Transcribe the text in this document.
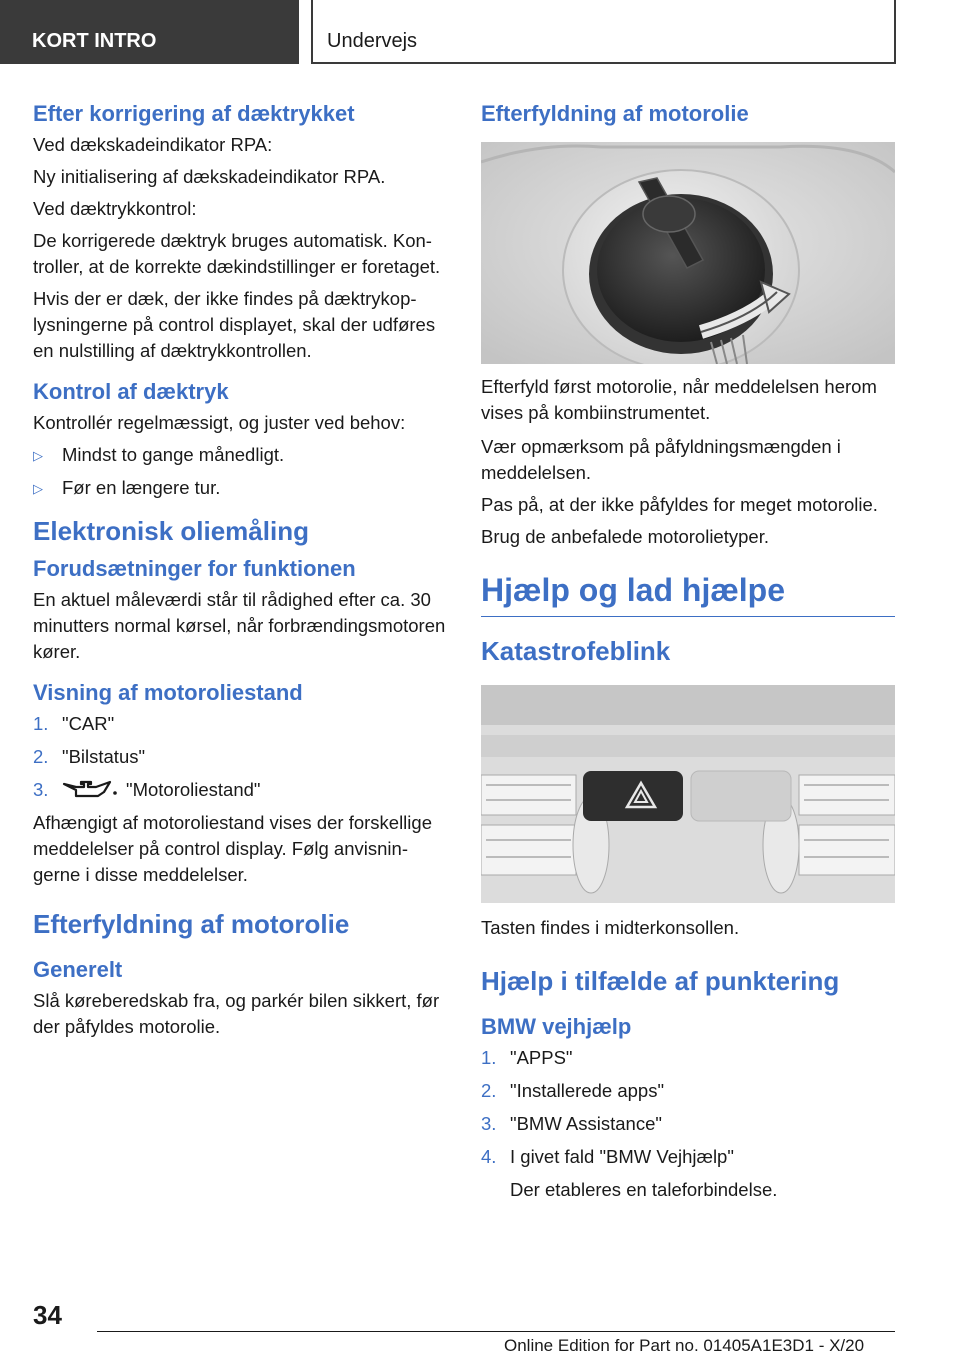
KORT INTRO	Undervejs
Efter korrigering af dæktrykket

Ved dækskadeindikator RPA:

Ny initialisering af dækskadeindikator RPA.

Ved dæktrykkontrol:

De korrigerede dæktryk bruges automatisk. Kontroller, at de korrekte dækindstillinger er foretaget.

Hvis der er dæk, der ikke findes på dæktrykoplysningerne på control displayet, skal der udføres en nulstilling af dæktrykkontrollen.

Kontrol af dæktryk

Kontrollér regelmæssigt, og juster ved behov:

▷ Mindst to gange månedligt.
▷ Før en længere tur.
Elektronisk oliemåling
Forudsætninger for funktionen

En aktuel måleværdi står til rådighed efter ca. 30 minutters normal kørsel, når forbrændingsmotoren kører.

Visning af motoroliestand
1. "CAR"
2. "Bilstatus"
3.	"Motoroliestand"

Afhængigt af motoroliestand vises der forskellige meddelelser på control display. Følg anvisningerne i disse meddelelser.

Efterfyldning af motorolie
Generelt

Slå køreberedskab fra, og parkér bilen sikkert, før der påfyldes motorolie.

Efterfyldning af motorolie

Efterfyld først motorolie, når meddelelsen herom vises på kombiinstrumentet.

Vær opmærksom på påfyldningsmængden i meddelelsen.

Pas på, at der ikke påfyldes for meget motorolie.

Brug de anbefalede motorolietyper.

Hjælp og lad hjælpe
Katastrofeblink

Tasten findes i midterkonsollen.

Hjælp i tilfælde af punktering
BMW vejhjælp
1. "APPS"
2. "Installerede apps"
3. "BMW Assistance"
4. I givet fald "BMW Vejhjælp"
Der etableres en taleforbindelse.
34
Online Edition for Part no. 01405A1E3D1 - X/20
